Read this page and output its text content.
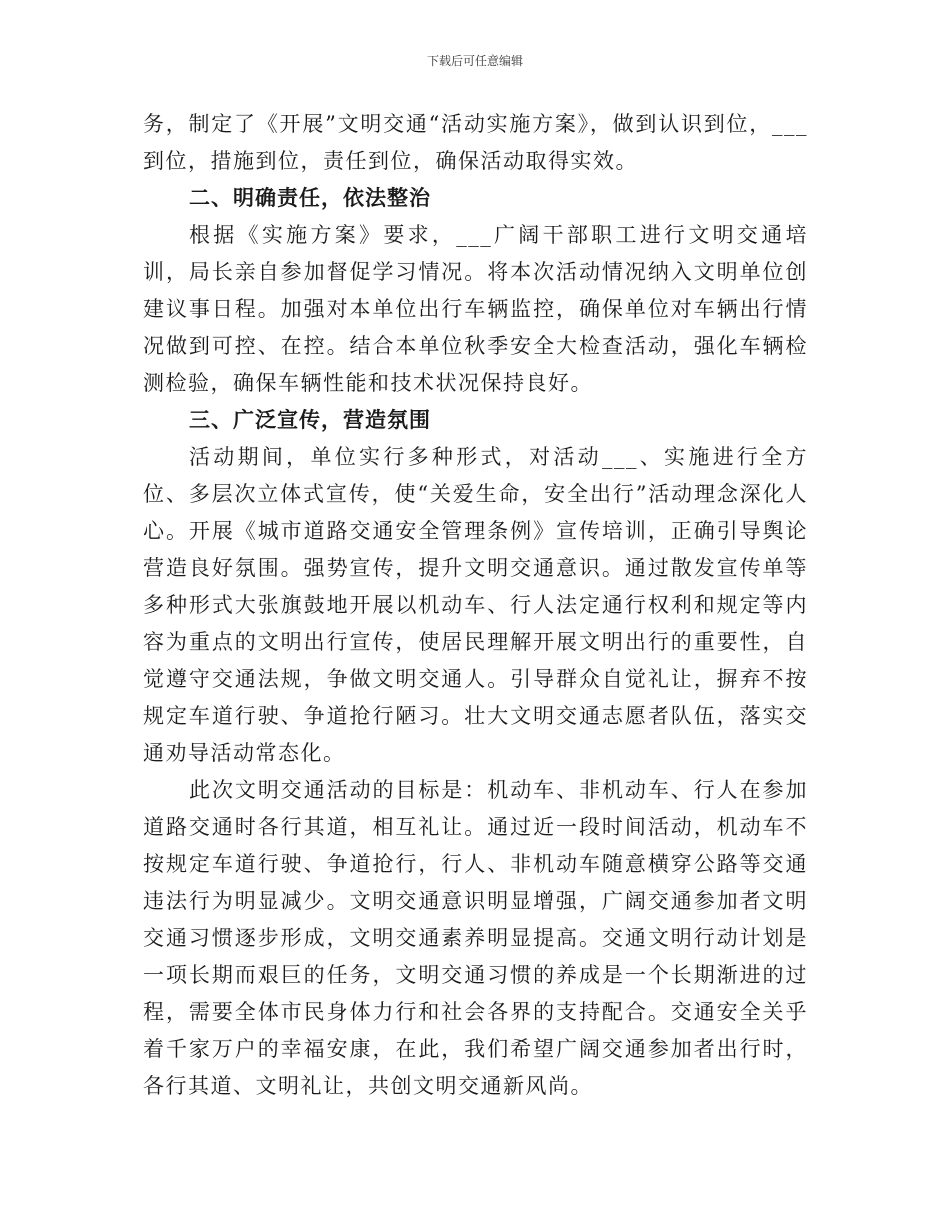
下载后可任意编辑

务，制定了《开展”文明交通“活动实施方案》，做到认识到位，___到位，措施到位，责任到位，确保活动取得实效。

二、明确责任，依法整治

根据《实施方案》要求，___广阔干部职工进行文明交通培训，局长亲自参加督促学习情况。将本次活动情况纳入文明单位创建议事日程。加强对本单位出行车辆监控，确保单位对车辆出行情况做到可控、在控。结合本单位秋季安全大检查活动，强化车辆检测检验，确保车辆性能和技术状况保持良好。

三、广泛宣传，营造氛围

活动期间，单位实行多种形式，对活动___、实施进行全方位、多层次立体式宣传，使“关爱生命，安全出行”活动理念深化人心。开展《城市道路交通安全管理条例》宣传培训，正确引导舆论营造良好氛围。强势宣传，提升文明交通意识。通过散发宣传单等多种形式大张旗鼓地开展以机动车、行人法定通行权利和规定等内容为重点的文明出行宣传，使居民理解开展文明出行的重要性，自觉遵守交通法规，争做文明交通人。引导群众自觉礼让，摒弃不按规定车道行驶、争道抢行陋习。壮大文明交通志愿者队伍，落实交通劝导活动常态化。

此次文明交通活动的目标是：机动车、非机动车、行人在参加道路交通时各行其道，相互礼让。通过近一段时间活动，机动车不按规定车道行驶、争道抢行，行人、非机动车随意横穿公路等交通违法行为明显减少。文明交通意识明显增强，广阔交通参加者文明交通习惯逐步形成，文明交通素养明显提高。交通文明行动计划是一项长期而艰巨的任务，文明交通习惯的养成是一个长期渐进的过程，需要全体市民身体力行和社会各界的支持配合。交通安全关乎着千家万户的幸福安康，在此，我们希望广阔交通参加者出行时，各行其道、文明礼让，共创文明交通新风尚。
